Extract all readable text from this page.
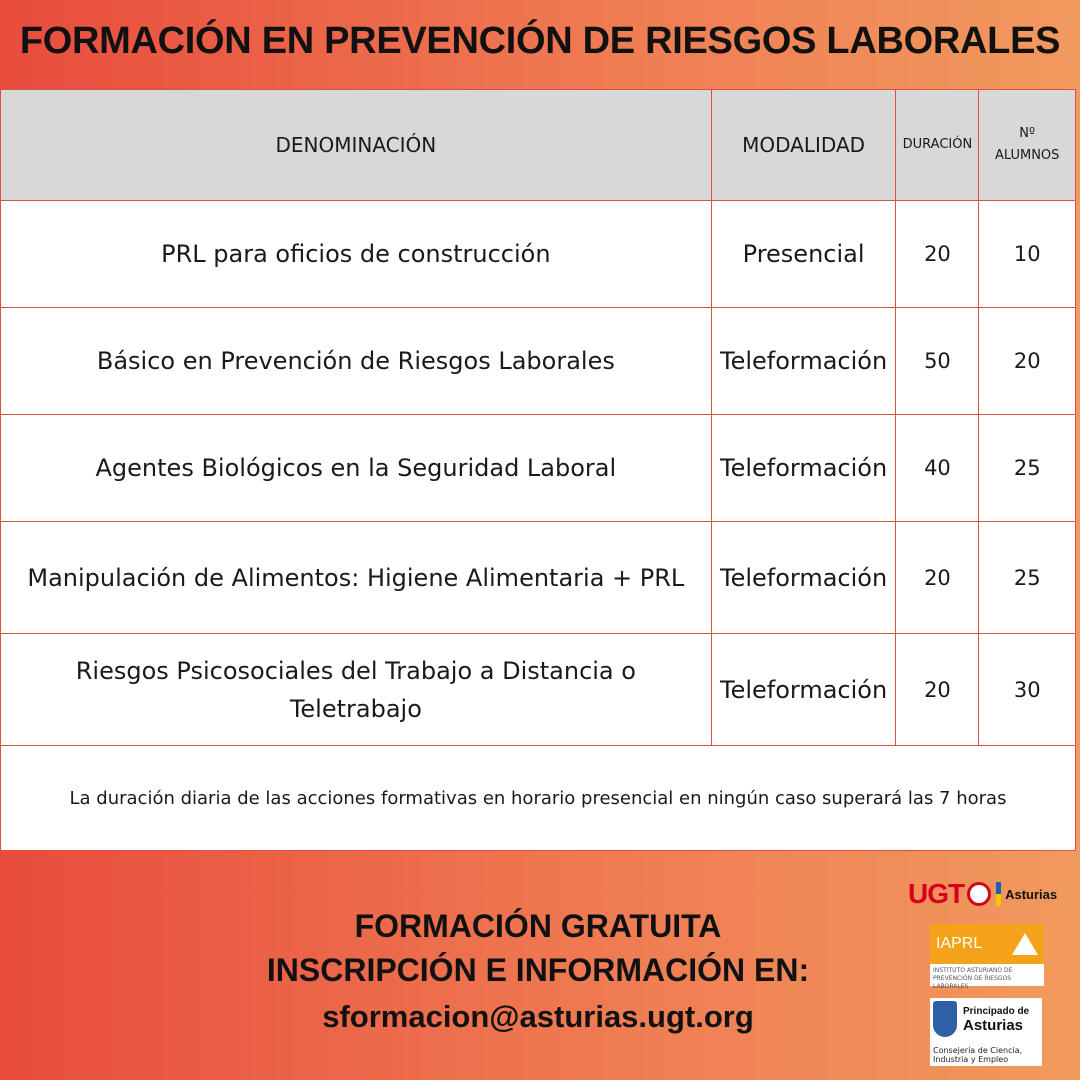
FORMACIÓN EN PREVENCIÓN DE RIESGOS LABORALES
DENOMINACIÓN	MODALIDAD	DURACIÓN	Nº
ALUMNOS

PRL para oficios de construcción	Presencial	20	10
Básico en Prevención de Riesgos Laborales	Teleformación	50	20
Agentes Biológicos en la Seguridad Laboral	Teleformación	40	25
Manipulación de Alimentos: Higiene Alimentaria + PRL	Teleformación	20	25

Riesgos Psicosociales del Trabajo a Distancia o
Teletrabajo	Teleformación	20	30
La duración diaria de las acciones formativas en horario presencial en ningún caso superará las 7 horas			
FORMACIÓN GRATUITA
INSCRIPCIÓN E INFORMACIÓN EN:
sformacion@asturias.ugt.org
UGT	Asturias
IAPRL
INSTITUTO ASTURIANO DE PREVENCIÓN DE RIESGOS LABORALES
Principado de
Asturias
Consejería de Ciencia, Industria y Empleo
